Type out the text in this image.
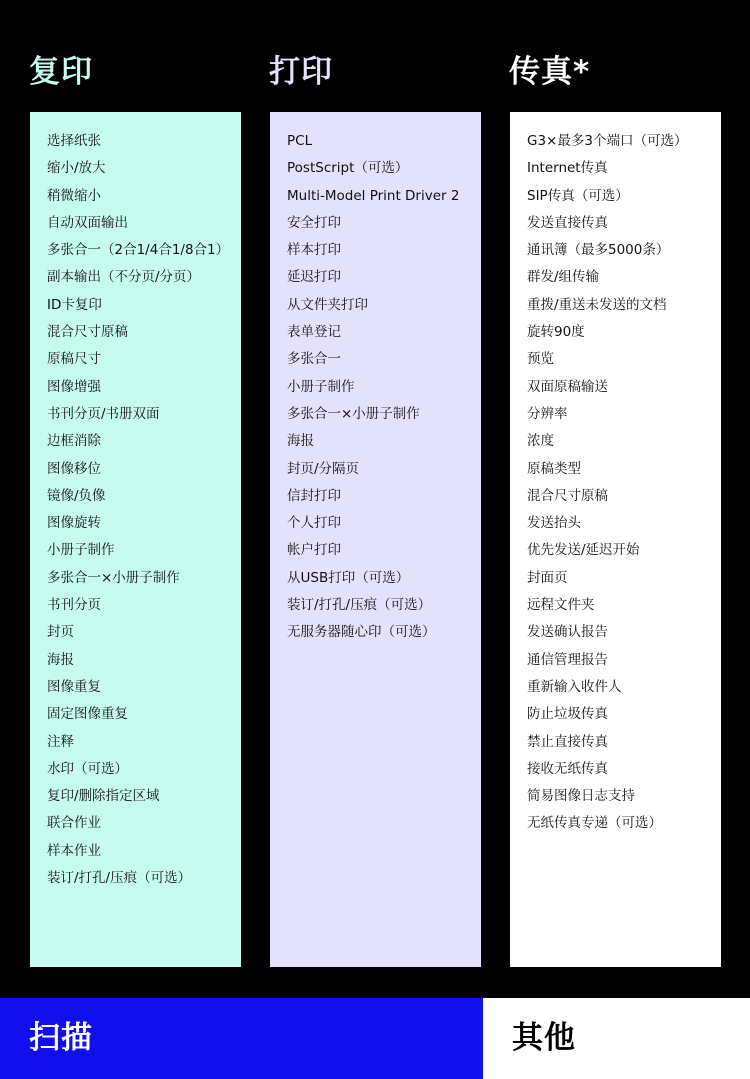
复印	打印	传真*
选择纸张
缩小/放大
稍微缩小
自动双面输出
多张合一（2合1/4合1/8合1）
副本输出（不分页/分页）
ID卡复印
混合尺寸原稿
原稿尺寸
图像增强
书刊分页/书册双面
边框消除
图像移位
镜像/负像
图像旋转
小册子制作
多张合一×小册子制作
书刊分页
封页
海报
图像重复
固定图像重复
注释
水印（可选）
复印/删除指定区域
联合作业
样本作业
装订/打孔/压痕（可选）
PCL
PostScript（可选）
Multi-Model Print Driver 2
安全打印
样本打印
延迟打印
从文件夹打印
表单登记
多张合一
小册子制作
多张合一×小册子制作
海报
封页/分隔页
信封打印
个人打印
帐户打印
从USB打印（可选）
装订/打孔/压痕（可选）
无服务器随心印（可选）
G3×最多3个端口（可选）
Internet传真
SIP传真（可选）
发送直接传真
通讯簿（最多5000条）
群发/组传输
重拨/重送未发送的文档
旋转90度
预览
双面原稿输送
分辨率
浓度
原稿类型
混合尺寸原稿
发送抬头
优先发送/延迟开始
封面页
远程文件夹
发送确认报告
通信管理报告
重新输入收件人
防止垃圾传真
禁止直接传真
接收无纸传真
简易图像日志支持
无纸传真专递（可选）
扫描	其他
